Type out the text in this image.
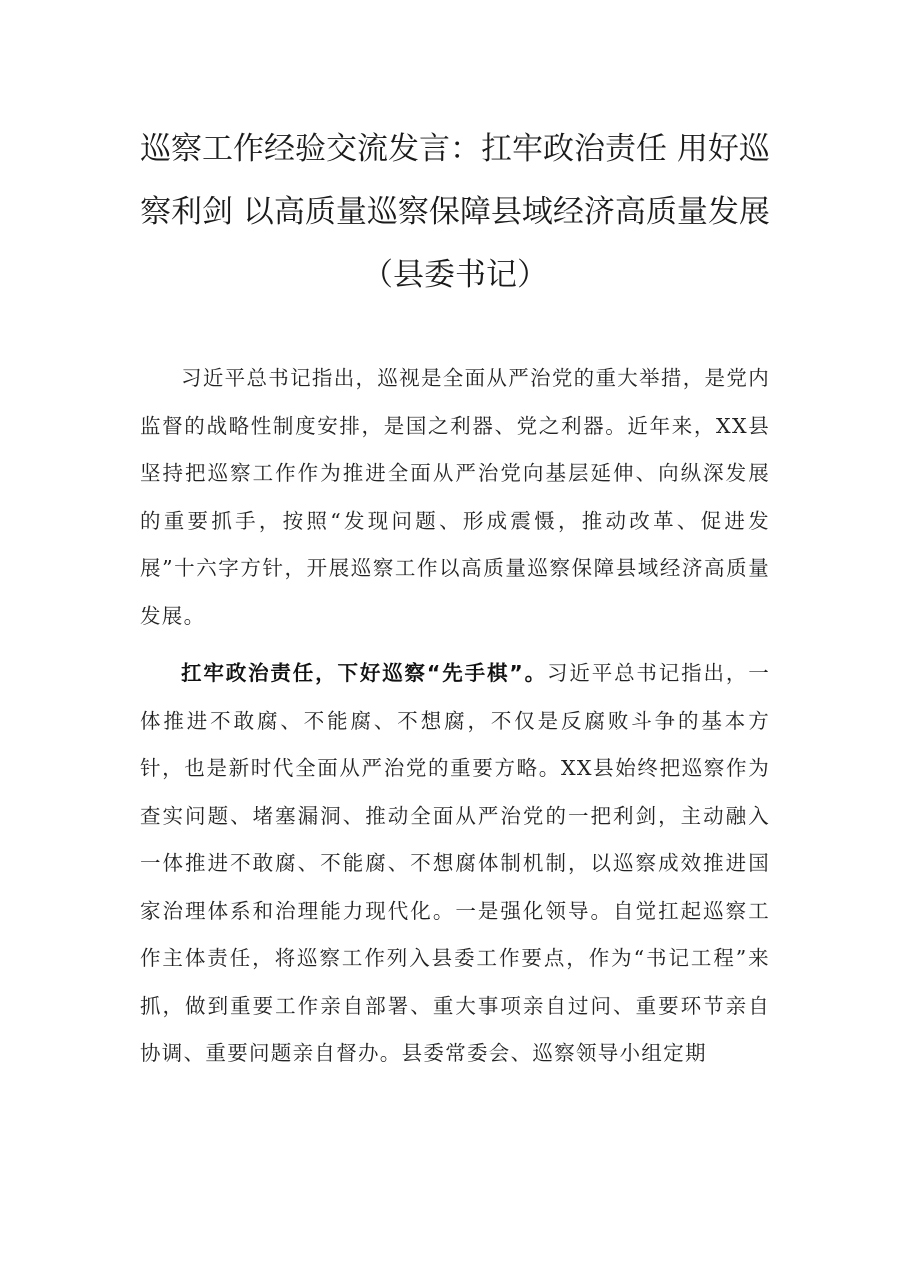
巡察工作经验交流发言：扛牢政治责任 用好巡察利剑 以高质量巡察保障县域经济高质量发展（县委书记）

习近平总书记指出，巡视是全面从严治党的重大举措，是党内监督的战略性制度安排，是国之利器、党之利器。近年来，XX县坚持把巡察工作作为推进全面从严治党向基层延伸、向纵深发展的重要抓手，按照“发现问题、形成震慑，推动改革、促进发展”十六字方针，开展巡察工作以高质量巡察保障县域经济高质量发展。

扛牢政治责任，下好巡察“先手棋”。习近平总书记指出，一体推进不敢腐、不能腐、不想腐，不仅是反腐败斗争的基本方针，也是新时代全面从严治党的重要方略。XX县始终把巡察作为查实问题、堵塞漏洞、推动全面从严治党的一把利剑，主动融入一体推进不敢腐、不能腐、不想腐体制机制，以巡察成效推进国家治理体系和治理能力现代化。一是强化领导。自觉扛起巡察工作主体责任，将巡察工作列入县委工作要点，作为“书记工程”来抓，做到重要工作亲自部署、重大事项亲自过问、重要环节亲自协调、重要问题亲自督办。县委常委会、巡察领导小组定期
